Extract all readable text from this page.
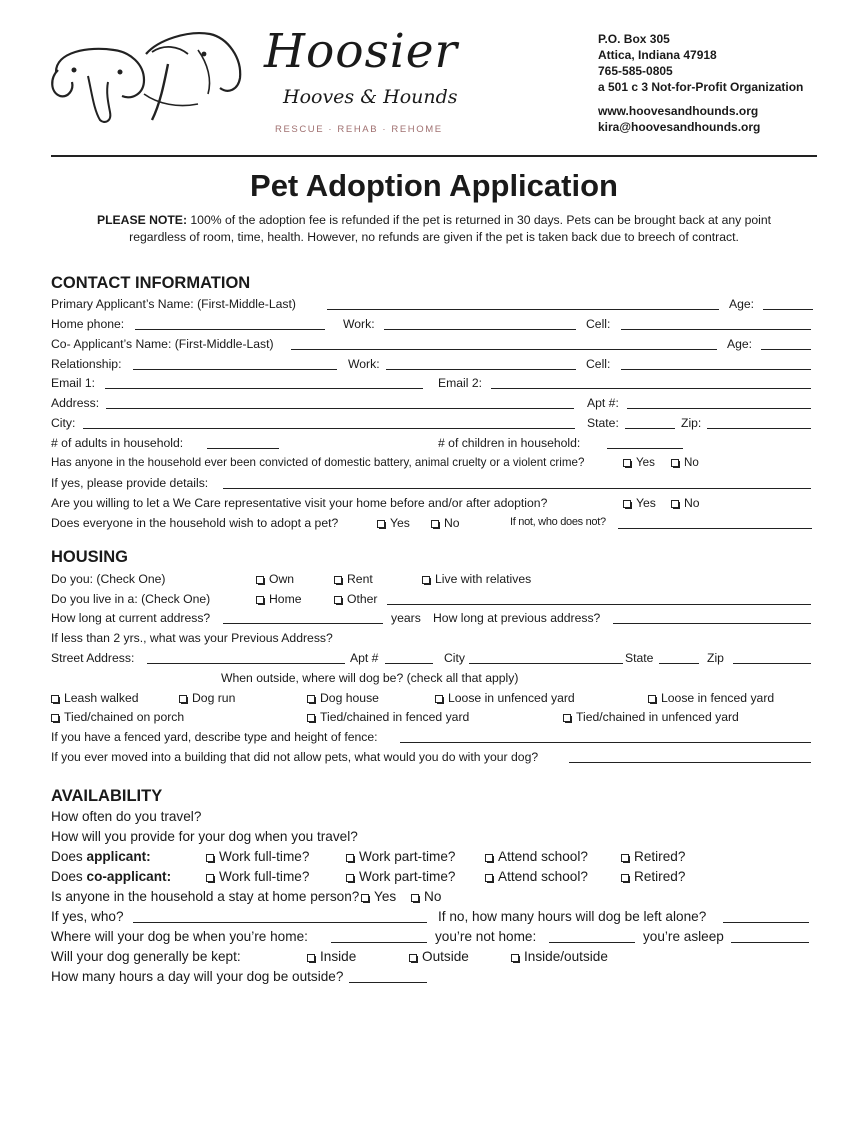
Hoosier
Hooves & Hounds
RESCUE · REHAB · REHOME
P.O. Box 305
Attica, Indiana 47918
765-585-0805
a 501 c 3 Not-for-Profit Organization
www.hoovesandhounds.org
kira@hoovesandhounds.org
Pet Adoption Application
PLEASE NOTE: 100% of the adoption fee is refunded if the pet is returned in 30 days. Pets can be brought back at any point
regardless of room, time, health. However, no refunds are given if the pet is taken back due to breech of contract.
CONTACT INFORMATION
Primary Applicant’s Name: (First-Middle-Last)	Age:
Home phone:	Work:	Cell:
Co- Applicant’s Name: (First-Middle-Last)	Age:
Relationship:	Work:	Cell:
Email 1:	Email 2:
Address:	Apt #:
City:	State:	Zip:
# of adults in household:	# of children in household:
Has anyone in the household ever been convicted of domestic battery, animal cruelty or a violent crime?	Yes	No
If yes, please provide details:
Are you willing to let a We Care representative visit your home before and/or after adoption?	Yes	No
Does everyone in the household wish to adopt a pet?	Yes	No	If not, who does not?
HOUSING
Do you: (Check One)	Own	Rent	Live with relatives
Do you live in a: (Check One)	Home	Other
How long at current address?	years How long at previous address?
If less than 2 yrs., what was your Previous Address?
Street Address:	Apt #	City	State	Zip
When outside, where will dog be? (check all that apply)
Leash walked	Dog run	Dog house	Loose in unfenced yard	Loose in fenced yard
Tied/chained on porch	Tied/chained in fenced yard	Tied/chained in unfenced yard
If you have a fenced yard, describe type and height of fence:
If you ever moved into a building that did not allow pets, what would you do with your dog?
AVAILABILITY
How often do you travel?
How will you provide for your dog when you travel?
Does applicant:	Work full-time?	Work part-time?	Attend school?	Retired?
Does co-applicant:	Work full-time?	Work part-time?	Attend school?	Retired?
Is anyone in the household a stay at home person?	Yes	No
If yes, who?	If no, how many hours will dog be left alone?
Where will your dog be when you’re home:	you’re not home:	you’re asleep
Will your dog generally be kept:	Inside	Outside	Inside/outside
How many hours a day will your dog be outside?
